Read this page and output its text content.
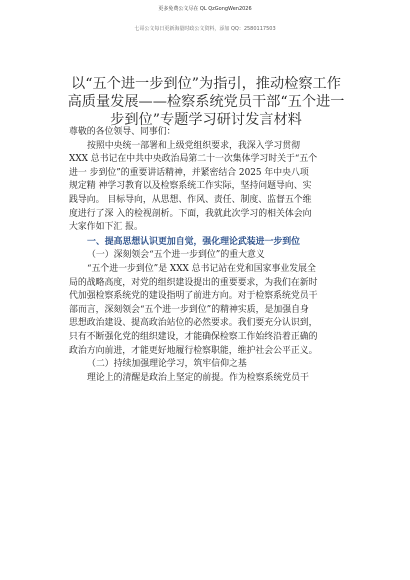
更多免费公文尽在 QL QzGongWen2026
七哥公文每日更新海量时政公文资料，添加 QQ：2580117503
以“五个进一步到位”为指引，推动检察工作
高质量发展——检察系统党员干部“五个进一
步到位”专题学习研讨发言材料

尊敬的各位领导、同事们：

按照中央统一部署和上级党组织要求，我深入学习贯彻

XXX 总书记在中共中央政治局第二十一次集体学习时关于“五个

进一 步到位”的重要讲话精神，并紧密结合 2025 年中央八项

规定精 神学习教育以及检察系统工作实际，坚持问题导向、实

践导向。 目标导向，从思想、作风、责任、制度、监督五个维

度进行了深 入的检视剖析。下面，我就此次学习的相关体会向

大家作如下汇 报。

一、提高思想认识更加自觉，强化理论武装进一步到位

（一）深刻领会“五个进一步到位”的重大意义

“五个进一步到位”是 XXX 总书记站在党和国家事业发展全

局的战略高度，对党的组织建设提出的重要要求，为我们在新时

代加强检察系统党的建设指明了前进方向。对于检察系统党员干

部而言，深刻领会“五个进一步到位”的精神实质，是加强自身

思想政治建设、提高政治站位的必然要求。我们要充分认识到，

只有不断强化党的组织建设，才能确保检察工作始终沿着正确的

政治方向前进，才能更好地履行检察职能，维护社会公平正义。

（二）持续加强理论学习，筑牢信仰之基

理论上的清醒是政治上坚定的前提。作为检察系统党员干
